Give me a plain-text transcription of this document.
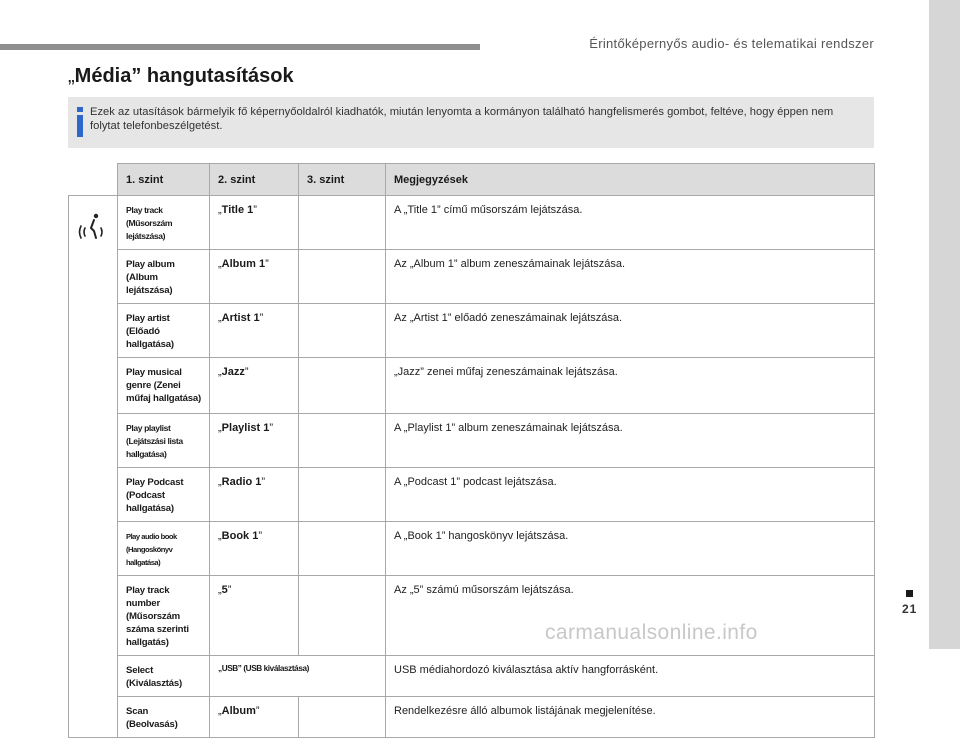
Érintőképernyős audio- és telematikai rendszer
21
carmanualsonline.info
„Média” hangutasítások
Ezek az utasítások bármelyik fő képernyőoldalról kiadhatók, miután lenyomta a kormányon található hangfelismerés gombot, feltéve, hogy éppen nem folytat telefonbeszélgetést.
	1. szint	2. szint	3. szint	Megjegyzések

	Play track (Műsorszám lejátszása)	„Title 1”		A „Title 1” című műsorszám lejátszása.
	Play album (Album lejátszása)	„Album 1”		Az „Album 1” album zeneszámainak lejátszása.
	Play artist (Előadó hallgatása)	„Artist 1”		Az „Artist 1” előadó zeneszámainak lejátszása.
	Play musical genre (Zenei műfaj hallgatása)	„Jazz”		„Jazz” zenei műfaj zeneszámainak lejátszása.
	Play playlist (Lejátszási lista hallgatása)	„Playlist 1”		A „Playlist 1” album zeneszámainak lejátszása.
	Play Podcast (Podcast hallgatása)	„Radio 1”		A „Podcast 1” podcast lejátszása.
	Play audio book (Hangoskönyv hallgatása)	„Book 1”		A „Book 1” hangoskönyv lejátszása.
	Play track number (Műsorszám száma szerinti hallgatás)	„5”		Az „5” számú műsorszám lejátszása.
	Select (Kiválasztás)	„USB” (USB kiválasztása)		USB médiahordozó kiválasztása aktív hangforrásként.
	Scan (Beolvasás)	„Album”		Rendelkezésre álló albumok listájának megjelenítése.
